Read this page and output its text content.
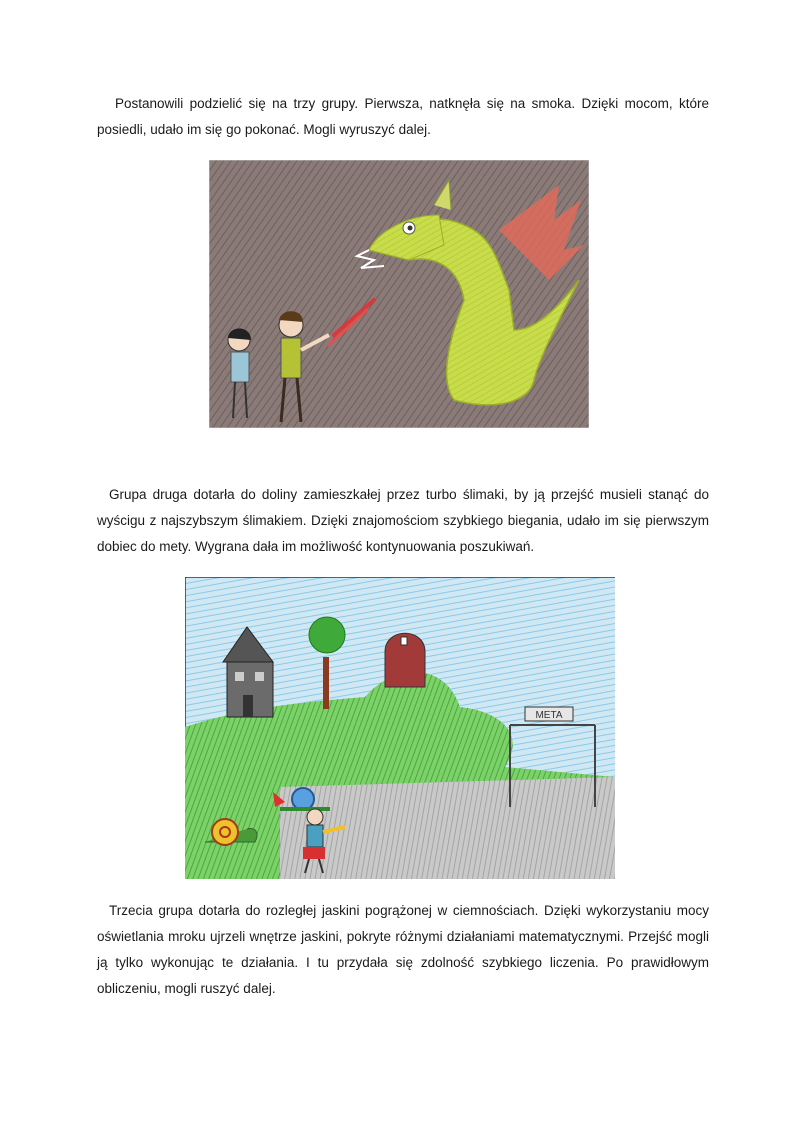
Postanowili podzielić się na trzy grupy. Pierwsza, natknęła się na smoka. Dzięki mocom, które posiedli, udało im się go pokonać. Mogli wyruszyć dalej.
Grupa druga dotarła do doliny zamieszkałej przez turbo ślimaki, by ją przejść musieli stanąć do wyścigu z najszybszym ślimakiem. Dzięki znajomościom szybkiego biegania, udało im się pierwszym dobiec do mety. Wygrana dała im możliwość kontynuowania poszukiwań.
META
Trzecia grupa dotarła do rozległej jaskini pogrążonej w ciemnościach. Dzięki wykorzystaniu mocy oświetlania mroku ujrzeli wnętrze jaskini, pokryte różnymi działaniami matematycznymi. Przejść mogli ją tylko wykonując te działania. I tu przydała się zdolność szybkiego liczenia. Po prawidłowym obliczeniu, mogli ruszyć dalej.
